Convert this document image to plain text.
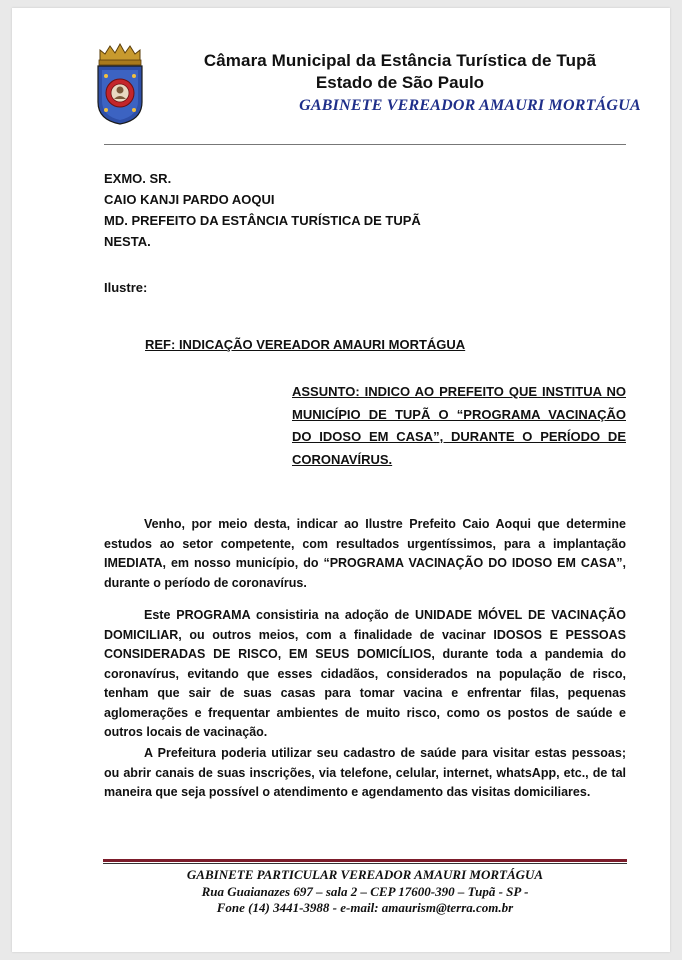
Câmara Municipal da Estância Turística de Tupã
Estado de São Paulo
GABINETE VEREADOR AMAURI MORTÁGUA
EXMO. SR.
CAIO KANJI PARDO AOQUI
MD. PREFEITO DA ESTÂNCIA TURÍSTICA DE TUPÃ
NESTA.
Ilustre:
REF: INDICAÇÃO VEREADOR AMAURI MORTÁGUA
ASSUNTO: INDICO AO PREFEITO QUE INSTITUA NO MUNICÍPIO DE TUPÃ O “PROGRAMA VACINAÇÃO DO IDOSO EM CASA”, DURANTE O PERÍODO DE CORONAVÍRUS.
Venho, por meio desta, indicar ao Ilustre Prefeito Caio Aoqui que determine estudos ao setor competente, com resultados urgentíssimos, para a implantação IMEDIATA, em nosso município, do “PROGRAMA VACINAÇÃO DO IDOSO EM CASA”, durante o período de coronavírus.
Este PROGRAMA consistiria na adoção de UNIDADE MÓVEL DE VACINAÇÃO DOMICILIAR, ou outros meios, com a finalidade de vacinar IDOSOS E PESSOAS CONSIDERADAS DE RISCO, EM SEUS DOMICÍLIOS, durante toda a pandemia do coronavírus, evitando que esses cidadãos, considerados na população de risco, tenham que sair de suas casas para tomar vacina e enfrentar filas, pequenas aglomerações e frequentar ambientes de muito risco, como os postos de saúde e outros locais de vacinação.
A Prefeitura poderia utilizar seu cadastro de saúde para visitar estas pessoas; ou abrir canais de suas inscrições, via telefone, celular, internet, whatsApp, etc., de tal maneira que seja possível o atendimento e agendamento das visitas domiciliares.
GABINETE PARTICULAR VEREADOR AMAURI MORTÁGUA
Rua Guaianazes 697 – sala 2 – CEP 17600-390 – Tupã - SP -
Fone (14) 3441-3988 - e-mail: amaurism@terra.com.br
